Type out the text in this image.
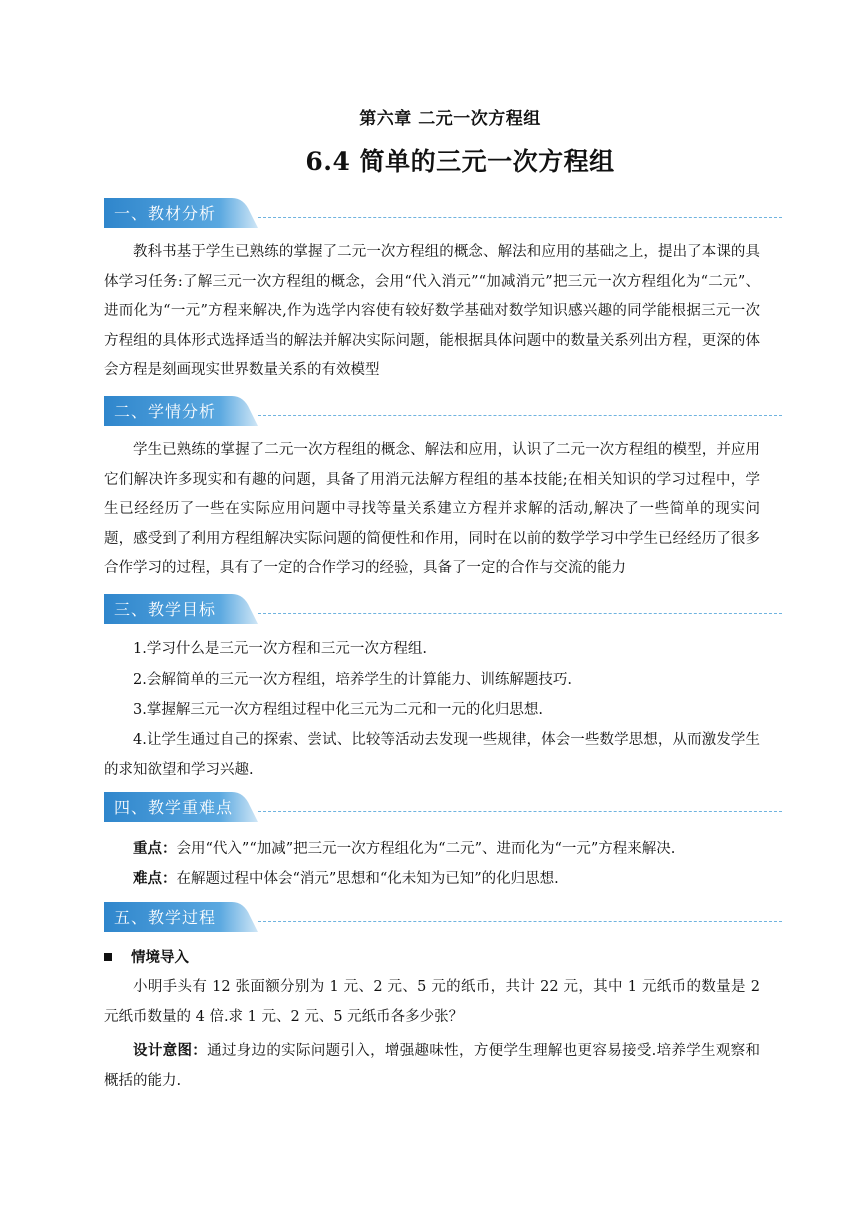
第六章 二元一次方程组
6.4 简单的三元一次方程组
一、教材分析
教科书基于学生已熟练的掌握了二元一次方程组的概念、解法和应用的基础之上，提出了本课的具体学习任务:了解三元一次方程组的概念，会用“代入消元”“加减消元”把三元一次方程组化为“二元”、进而化为“一元”方程来解决,作为选学内容使有较好数学基础对数学知识感兴趣的同学能根据三元一次方程组的具体形式选择适当的解法并解决实际问题，能根据具体问题中的数量关系列出方程，更深的体会方程是刻画现实世界数量关系的有效模型
二、学情分析
学生已熟练的掌握了二元一次方程组的概念、解法和应用，认识了二元一次方程组的模型，并应用它们解决许多现实和有趣的问题，具备了用消元法解方程组的基本技能;在相关知识的学习过程中，学生已经经历了一些在实际应用问题中寻找等量关系建立方程并求解的活动,解决了一些简单的现实问题，感受到了利用方程组解决实际问题的简便性和作用，同时在以前的数学学习中学生已经经历了很多合作学习的过程，具有了一定的合作学习的经验，具备了一定的合作与交流的能力
三、教学目标
1.学习什么是三元一次方程和三元一次方程组.
2.会解简单的三元一次方程组，培养学生的计算能力、训练解题技巧.
3.掌握解三元一次方程组过程中化三元为二元和一元的化归思想.
4.让学生通过自己的探索、尝试、比较等活动去发现一些规律，体会一些数学思想，从而激发学生的求知欲望和学习兴趣.
四、教学重难点
重点：会用“代入”“加减”把三元一次方程组化为“二元”、进而化为“一元”方程来解决.
难点：在解题过程中体会“消元”思想和“化未知为已知”的化归思想.
五、教学过程
情境导入
小明手头有 12 张面额分别为 1 元、2 元、5 元的纸币，共计 22 元，其中 1 元纸币的数量是 2 元纸币数量的 4 倍.求 1 元、2 元、5 元纸币各多少张？
设计意图：通过身边的实际问题引入，增强趣味性，方便学生理解也更容易接受.培养学生观察和概括的能力.
